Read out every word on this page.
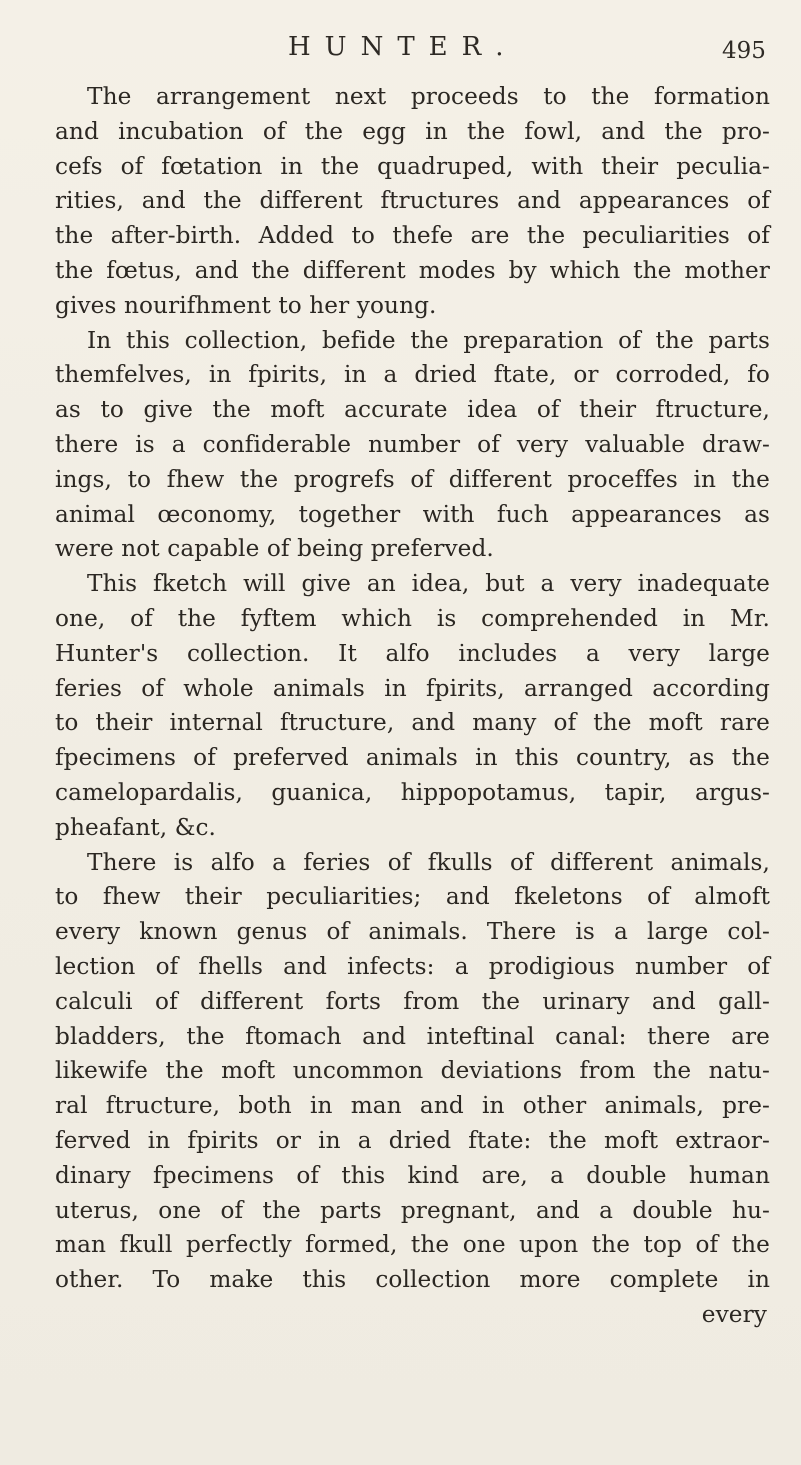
HUNTER.	495
The arrangement next proceeds to the formation
and incubation of the egg in the fowl, and the pro-
cefs of fœtation in the quadruped, with their peculia-
rities, and the different ftructures and appearances of
the after-birth. Added to thefe are the peculiarities of
the fœtus, and the different modes by which the mother
gives nourifhment to her young.
In this collection, befide the preparation of the parts
themfelves, in fpirits, in a dried ftate, or corroded, fo
as to give the moft accurate idea of their ftructure,
there is a confiderable number of very valuable draw-
ings, to fhew the progrefs of different proceffes in the
animal œconomy, together with fuch appearances as
were not capable of being preferved.
This fketch will give an idea, but a very inadequate
one, of the fyftem which is comprehended in Mr.
Hunter's collection. It alfo includes a very large
feries of whole animals in fpirits, arranged according
to their internal ftructure, and many of the moft rare
fpecimens of preferved animals in this country, as the
camelopardalis, guanica, hippopotamus, tapir, argus-
pheafant, &c.
There is alfo a feries of fkulls of different animals,
to fhew their peculiarities; and fkeletons of almoft
every known genus of animals. There is a large col-
lection of fhells and infects: a prodigious number of
calculi of different forts from the urinary and gall-
bladders, the ftomach and inteftinal canal: there are
likewife the moft uncommon deviations from the natu-
ral ftructure, both in man and in other animals, pre-
ferved in fpirits or in a dried ftate: the moft extraor-
dinary fpecimens of this kind are, a double human
uterus, one of the parts pregnant, and a double hu-
man fkull perfectly formed, the one upon the top of the
other. To make this collection more complete in
every
